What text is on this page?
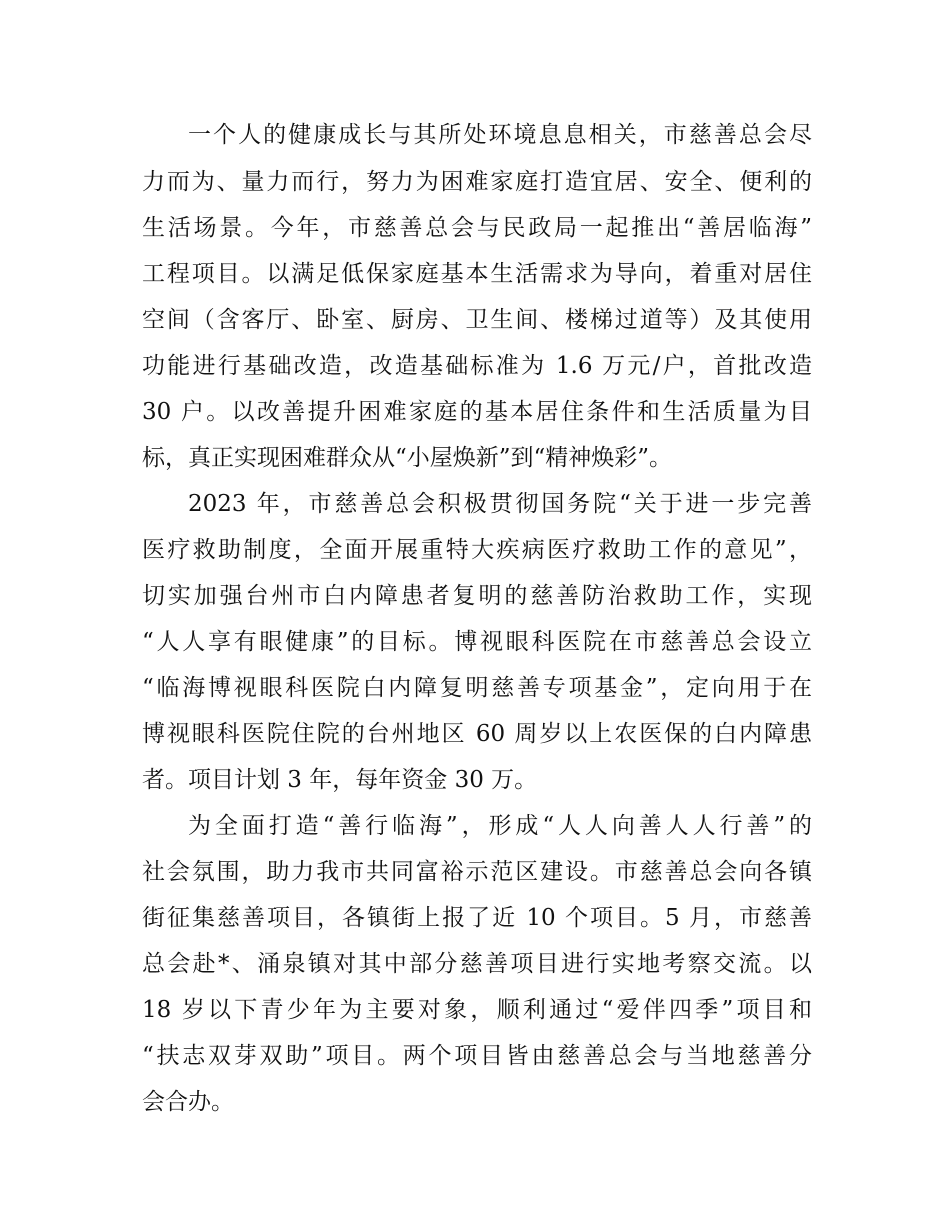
一个人的健康成长与其所处环境息息相关，市慈善总会尽
力而为、量力而行，努力为困难家庭打造宜居、安全、便利的
生活场景。今年，市慈善总会与民政局一起推出“善居临海”
工程项目。以满足低保家庭基本生活需求为导向，着重对居住
空间（含客厅、卧室、厨房、卫生间、楼梯过道等）及其使用
功能进行基础改造，改造基础标准为 1.6 万元/户，首批改造
30 户。以改善提升困难家庭的基本居住条件和生活质量为目
标，真正实现困难群众从“小屋焕新”到“精神焕彩”。
2023 年，市慈善总会积极贯彻国务院“关于进一步完善
医疗救助制度，全面开展重特大疾病医疗救助工作的意见”，
切实加强台州市白内障患者复明的慈善防治救助工作，实现
“人人享有眼健康”的目标。博视眼科医院在市慈善总会设立
“临海博视眼科医院白内障复明慈善专项基金”，定向用于在
博视眼科医院住院的台州地区 60 周岁以上农医保的白内障患
者。项目计划 3 年，每年资金 30 万。
为全面打造“善行临海”，形成“人人向善人人行善”的
社会氛围，助力我市共同富裕示范区建设。市慈善总会向各镇
街征集慈善项目，各镇街上报了近 10 个项目。5 月，市慈善
总会赴*、涌泉镇对其中部分慈善项目进行实地考察交流。以
18 岁以下青少年为主要对象，顺利通过“爱伴四季”项目和
“扶志双芽双助”项目。两个项目皆由慈善总会与当地慈善分
会合办。
